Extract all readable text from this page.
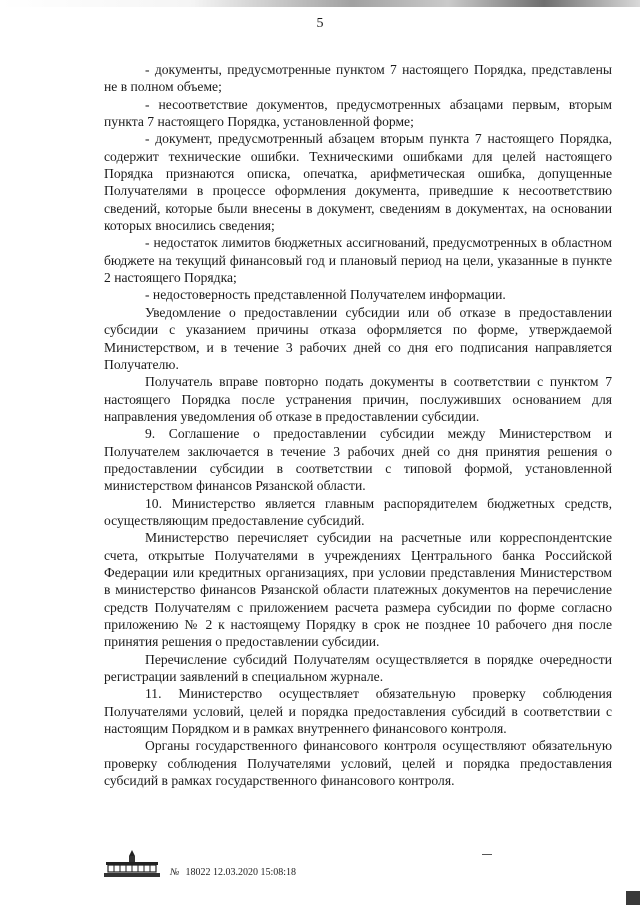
5

- документы, предусмотренные пунктом 7 настоящего Порядка, представлены не в полном объеме;

- несоответствие документов, предусмотренных абзацами первым, вторым пункта 7 настоящего Порядка, установленной форме;

- документ, предусмотренный абзацем вторым пункта 7 настоящего Порядка, содержит технические ошибки. Техническими ошибками для целей настоящего Порядка признаются описка, опечатка, арифметическая ошибка, допущенные Получателями в процессе оформления документа, приведшие к несоответствию сведений, которые были внесены в документ, сведениям в документах, на основании которых вносились сведения;

- недостаток лимитов бюджетных ассигнований, предусмотренных в областном бюджете на текущий финансовый год и плановый период на цели, указанные в пункте 2 настоящего Порядка;

- недостоверность представленной Получателем информации.

Уведомление о предоставлении субсидии или об отказе в предоставлении субсидии с указанием причины отказа оформляется по форме, утверждаемой Министерством, и в течение 3 рабочих дней со дня его подписания направляется Получателю.

Получатель вправе повторно подать документы в соответствии с пунктом 7 настоящего Порядка после устранения причин, послуживших основанием для направления уведомления об отказе в предоставлении субсидии.

9. Соглашение о предоставлении субсидии между Министерством и Получателем заключается в течение 3 рабочих дней со дня принятия решения о предоставлении субсидии в соответствии с типовой формой, установленной министерством финансов Рязанской области.

10. Министерство является главным распорядителем бюджетных средств, осуществляющим предоставление субсидий.

Министерство перечисляет субсидии на расчетные или корреспондентские счета, открытые Получателями в учреждениях Центрального банка Российской Федерации или кредитных организациях, при условии представления Министерством в министерство финансов Рязанской области платежных документов на перечисление средств Получателям с приложением расчета размера субсидии по форме согласно приложению № 2 к настоящему Порядку в срок не позднее 10 рабочего дня после принятия решения о предоставлении субсидии.

Перечисление субсидий Получателям осуществляется в порядке очередности регистрации заявлений в специальном журнале.

11. Министерство осуществляет обязательную проверку соблюдения Получателями условий, целей и порядка предоставления субсидий в соответствии с настоящим Порядком и в рамках внутреннего финансового контроля.

Органы государственного финансового контроля осуществляют обязательную проверку соблюдения Получателями условий, целей и порядка предоставления субсидий в рамках государственного финансового контроля.

№ 18022 12.03.2020 15:08:18
